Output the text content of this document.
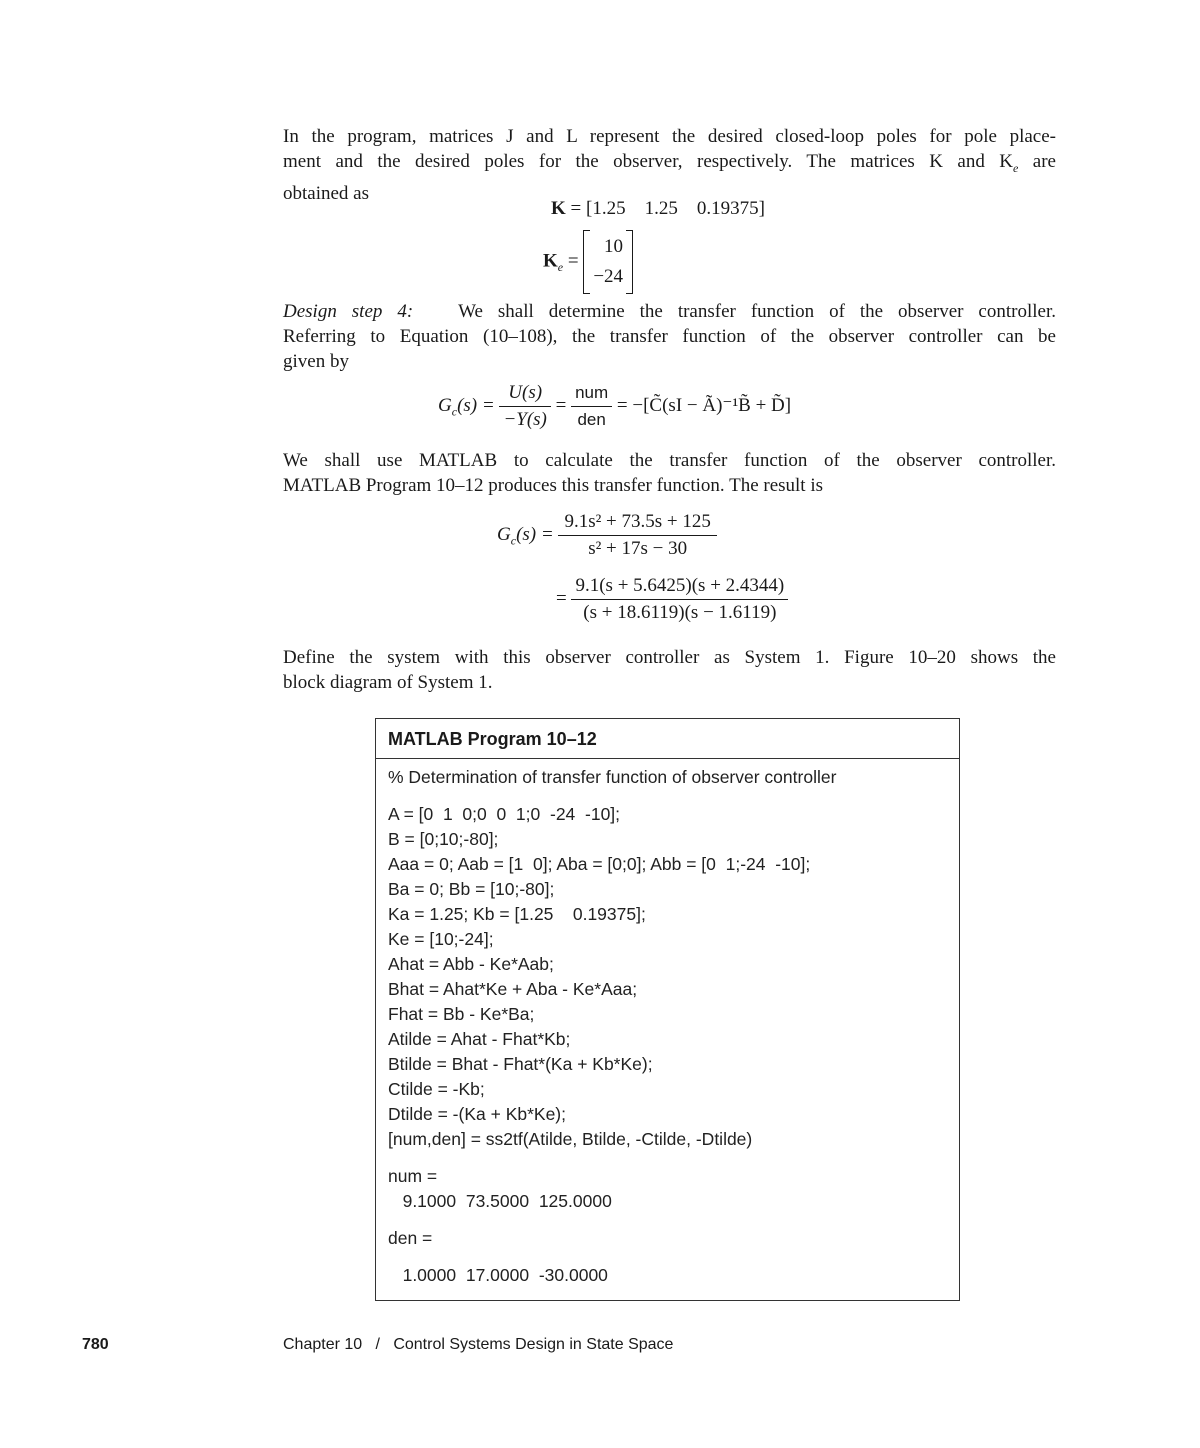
In the program, matrices J and L represent the desired closed-loop poles for pole place-
ment and the desired poles for the observer, respectively. The matrices K and $K_e$ are
obtained as
K = [1.25    1.25    0.19375]
$K_e$ =
10
−24
Design step 4: We shall determine the transfer function of the observer controller.
Referring to Equation (10–108), the transfer function of the observer controller can be
given by
$G_c(s) = \frac{U(s)}{-Y(s)} = \frac{\text{num}}{\text{den}}$ = −[C̃(sI − Ã)⁻¹B̃ + D̃]
We shall use MATLAB to calculate the transfer function of the observer controller.
MATLAB Program 10–12 produces this transfer function. The result is
$G_c(s) = \frac{\text{9.1s² + 73.5s + 125}}{\text{s² + 17s − 30}}$
= $\frac{9.1(s + 5.6425)(s + 2.4344)}{(s + 18.6119)(s - 1.6119)}$
Define the system with this observer controller as System 1. Figure 10–20 shows the
block diagram of System 1.
MATLAB Program 10–12
% Determination of transfer function of observer controller
A = [0  1  0;0  0  1;0  -24  -10];
B = [0;10;-80];
Aaa = 0; Aab = [1  0]; Aba = [0;0]; Abb = [0  1;-24  -10];
Ba = 0; Bb = [10;-80];
Ka = 1.25; Kb = [1.25    0.19375];
Ke = [10;-24];
Ahat = Abb - Ke*Aab;
Bhat = Ahat*Ke + Aba - Ke*Aaa;
Fhat = Bb - Ke*Ba;
Atilde = Ahat - Fhat*Kb;
Btilde = Bhat - Fhat*(Ka + Kb*Ke);
Ctilde = -Kb;
Dtilde = -(Ka + Kb*Ke);
[num,den] = ss2tf(Atilde, Btilde, -Ctilde, -Dtilde)
num =
9.1000  73.5000  125.0000
den =
1.0000  17.0000  -30.0000
780	Chapter 10 / Control Systems Design in State Space
